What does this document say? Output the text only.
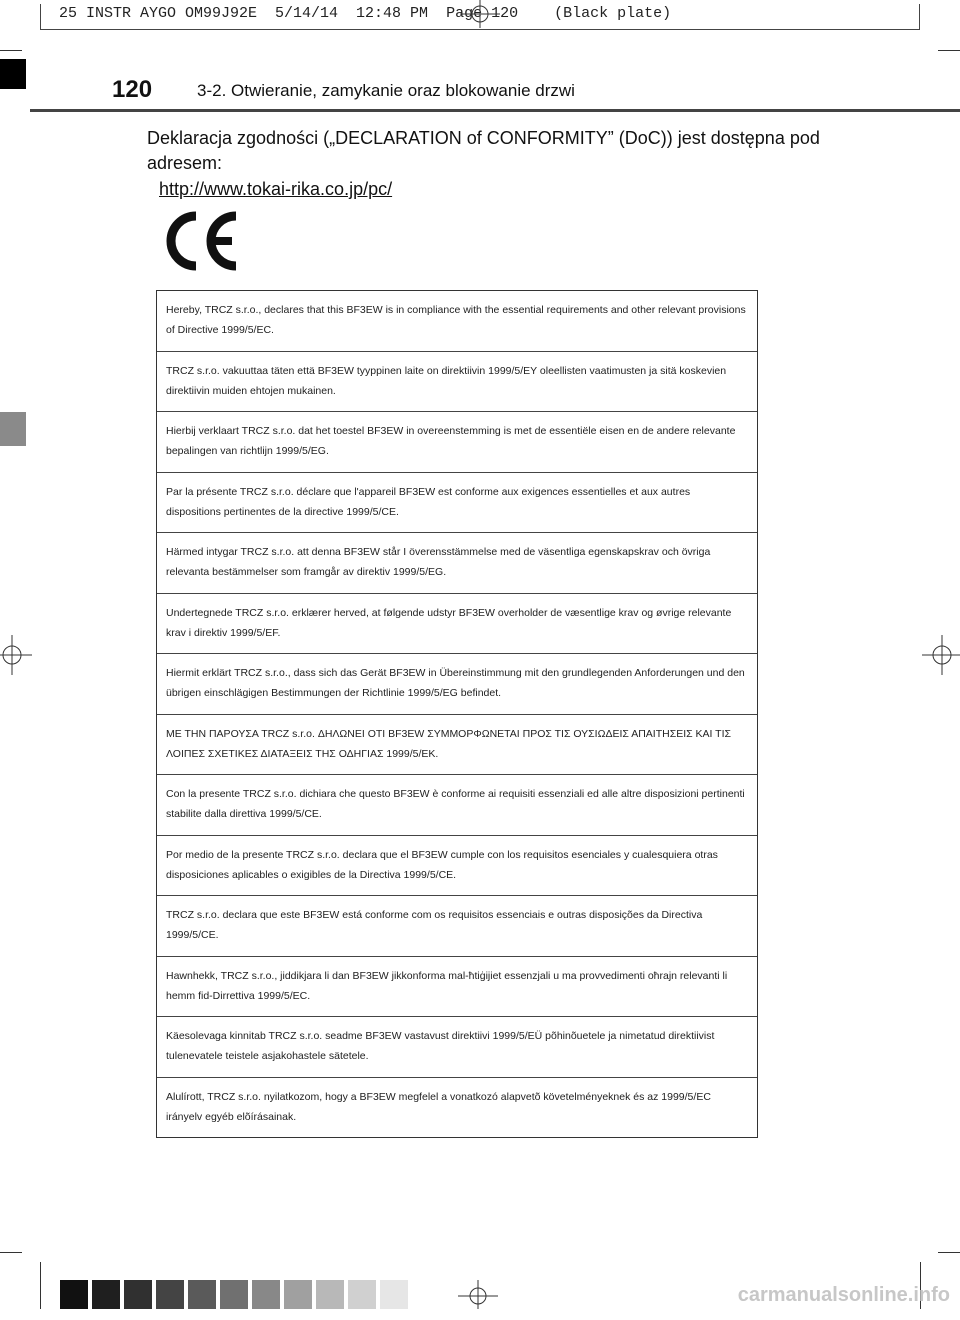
25 INSTR AYGO OM99J92E  5/14/14  12:48 PM  Page 120    (Black plate)
120	3-2. Otwieranie, zamykanie oraz blokowanie drzwi
Deklaracja zgodności („DECLARATION of CONFORMITY” (DoC)) jest dostępna pod adresem:
http://www.tokai-rika.co.jp/pc/
Hereby, TRCZ s.r.o., declares that this BF3EW is in compliance with the essential requirements and other relevant provisions of Directive 1999/5/EC.
TRCZ s.r.o. vakuuttaa täten että BF3EW tyyppinen laite on direktiivin 1999/5/EY oleellisten vaatimusten ja sitä koskevien direktiivin muiden ehtojen mukainen.
Hierbij verklaart TRCZ s.r.o. dat het toestel BF3EW in overeenstemming is met de essentiële eisen en de andere relevante bepalingen van richtlijn 1999/5/EG.
Par la présente TRCZ s.r.o. déclare que l'appareil BF3EW est conforme aux exigences essentielles et aux autres dispositions pertinentes de la directive 1999/5/CE.
Härmed intygar TRCZ s.r.o. att denna BF3EW står I överensstämmelse med de väsentliga egenskapskrav och övriga relevanta bestämmelser som framgår av direktiv 1999/5/EG.
Undertegnede TRCZ s.r.o. erklærer herved, at følgende udstyr BF3EW overholder de væsentlige krav og øvrige relevante krav i direktiv 1999/5/EF.
Hiermit erklärt TRCZ s.r.o., dass sich das Gerät BF3EW in Übereinstimmung mit den grundlegenden Anforderungen und den übrigen einschlägigen Bestimmungen der Richtlinie 1999/5/EG befindet.
ΜΕ ΤΗΝ ΠΑΡΟΥΣΑ TRCZ s.r.o. ΔΗΛΩΝΕΙ ΟΤΙ BF3EW ΣΥΜΜΟΡΦΩΝΕΤΑΙ ΠΡΟΣ ΤΙΣ ΟΥΣΙΩΔΕΙΣ ΑΠΑΙΤΗΣΕΙΣ ΚΑΙ ΤΙΣ ΛΟΙΠΕΣ ΣΧΕΤΙΚΕΣ ΔΙΑΤΑΞΕΙΣ ΤΗΣ ΟΔΗΓΙΑΣ 1999/5/ΕΚ.
Con la presente TRCZ s.r.o. dichiara che questo BF3EW è conforme ai requisiti essenziali ed alle altre disposizioni pertinenti stabilite dalla direttiva 1999/5/CE.
Por medio de la presente TRCZ s.r.o. declara que el BF3EW cumple con los requisitos esenciales y cualesquiera otras disposiciones aplicables o exigibles de la Directiva 1999/5/CE.
TRCZ s.r.o. declara que este BF3EW está conforme com os requisitos essenciais e outras disposições da Directiva 1999/5/CE.
Hawnhekk, TRCZ s.r.o., jiddikjara li dan BF3EW jikkonforma mal-ħtiġijiet essenzjali u ma provvedimenti oħrajn relevanti li hemm fid-Dirrettiva 1999/5/EC.
Käesolevaga kinnitab TRCZ s.r.o. seadme BF3EW vastavust direktiivi 1999/5/EÜ põhinõuetele ja nimetatud direktiivist tulenevatele teistele asjakohastele sätetele.
Alulírott, TRCZ s.r.o. nyilatkozom, hogy a BF3EW megfelel a vonatkozó alapvetõ követelményeknek és az 1999/5/EC irányelv egyéb elõírásainak.
carmanualsonline.info
